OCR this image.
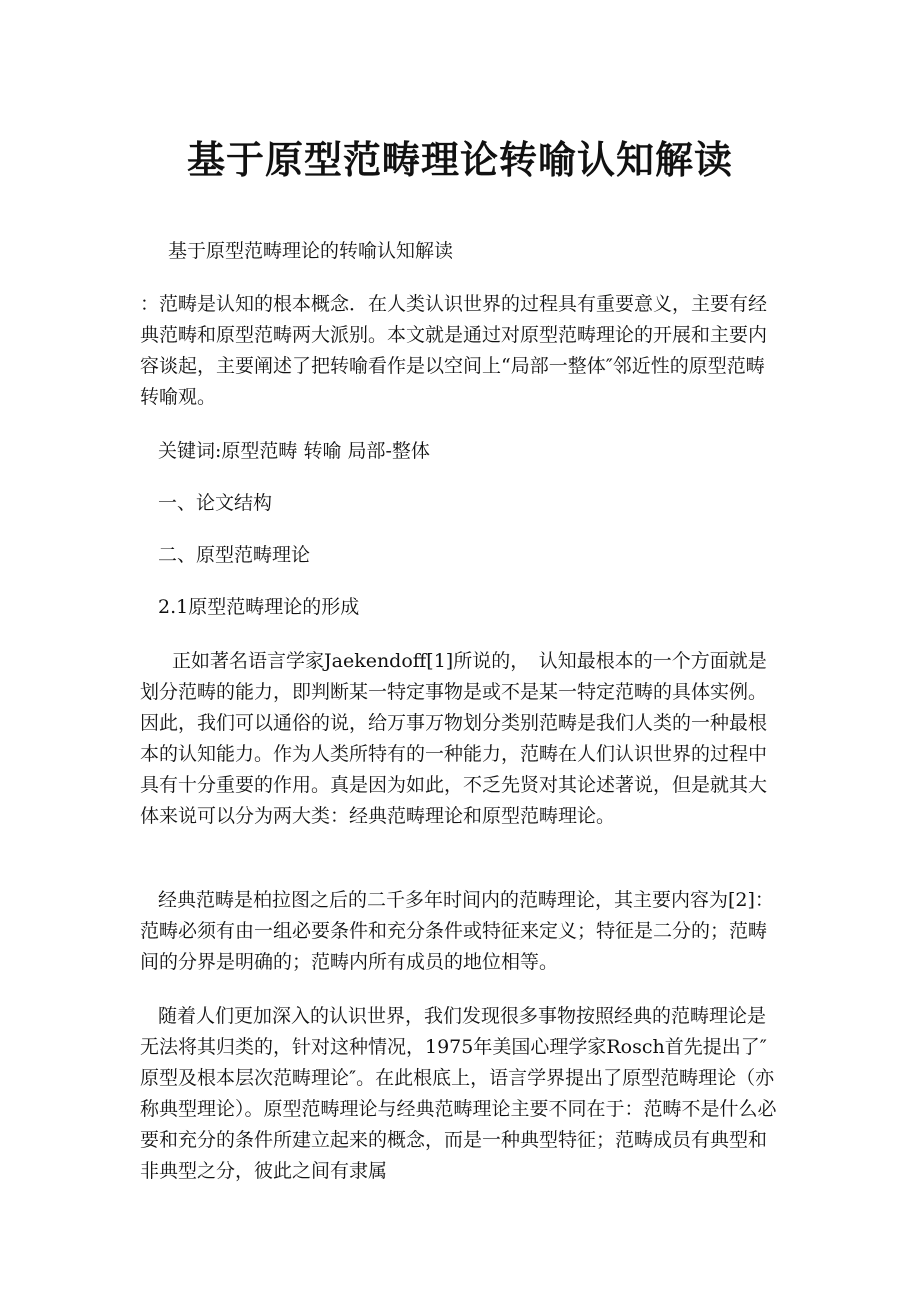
基于原型范畴理论转喻认知解读

基于原型范畴理论的转喻认知解读

：范畴是认知的根本概念．在人类认识世界的过程具有重要意义，主要有经典范畴和原型范畴两大派别。本文就是通过对原型范畴理论的开展和主要内容谈起，主要阐述了把转喻看作是以空间上“局部一整体″邻近性的原型范畴转喻观。

关键词:原型范畴 转喻 局部-整体

一、论文结构

二、原型范畴理论

2.1原型范畴理论的形成

正如著名语言学家Jaekendoff[1]所说的，　认知最根本的一个方面就是划分范畴的能力，即判断某一特定事物是或不是某一特定范畴的具体实例。因此，我们可以通俗的说，给万事万物划分类别范畴是我们人类的一种最根本的认知能力。作为人类所特有的一种能力，范畴在人们认识世界的过程中具有十分重要的作用。真是因为如此，不乏先贤对其论述著说，但是就其大体来说可以分为两大类：经典范畴理论和原型范畴理论。

经典范畴是柏拉图之后的二千多年时间内的范畴理论，其主要内容为[2]：范畴必须有由一组必要条件和充分条件或特征来定义；特征是二分的；范畴间的分界是明确的；范畴内所有成员的地位相等。

随着人们更加深入的认识世界，我们发现很多事物按照经典的范畴理论是无法将其归类的，针对这种情况，1975年美国心理学家Rosch首先提出了″原型及根本层次范畴理论″。在此根底上，语言学界提出了原型范畴理论（亦称典型理论）。原型范畴理论与经典范畴理论主要不同在于：范畴不是什么必要和充分的条件所建立起来的概念，而是一种典型特征；范畴成员有典型和非典型之分，彼此之间有隶属
